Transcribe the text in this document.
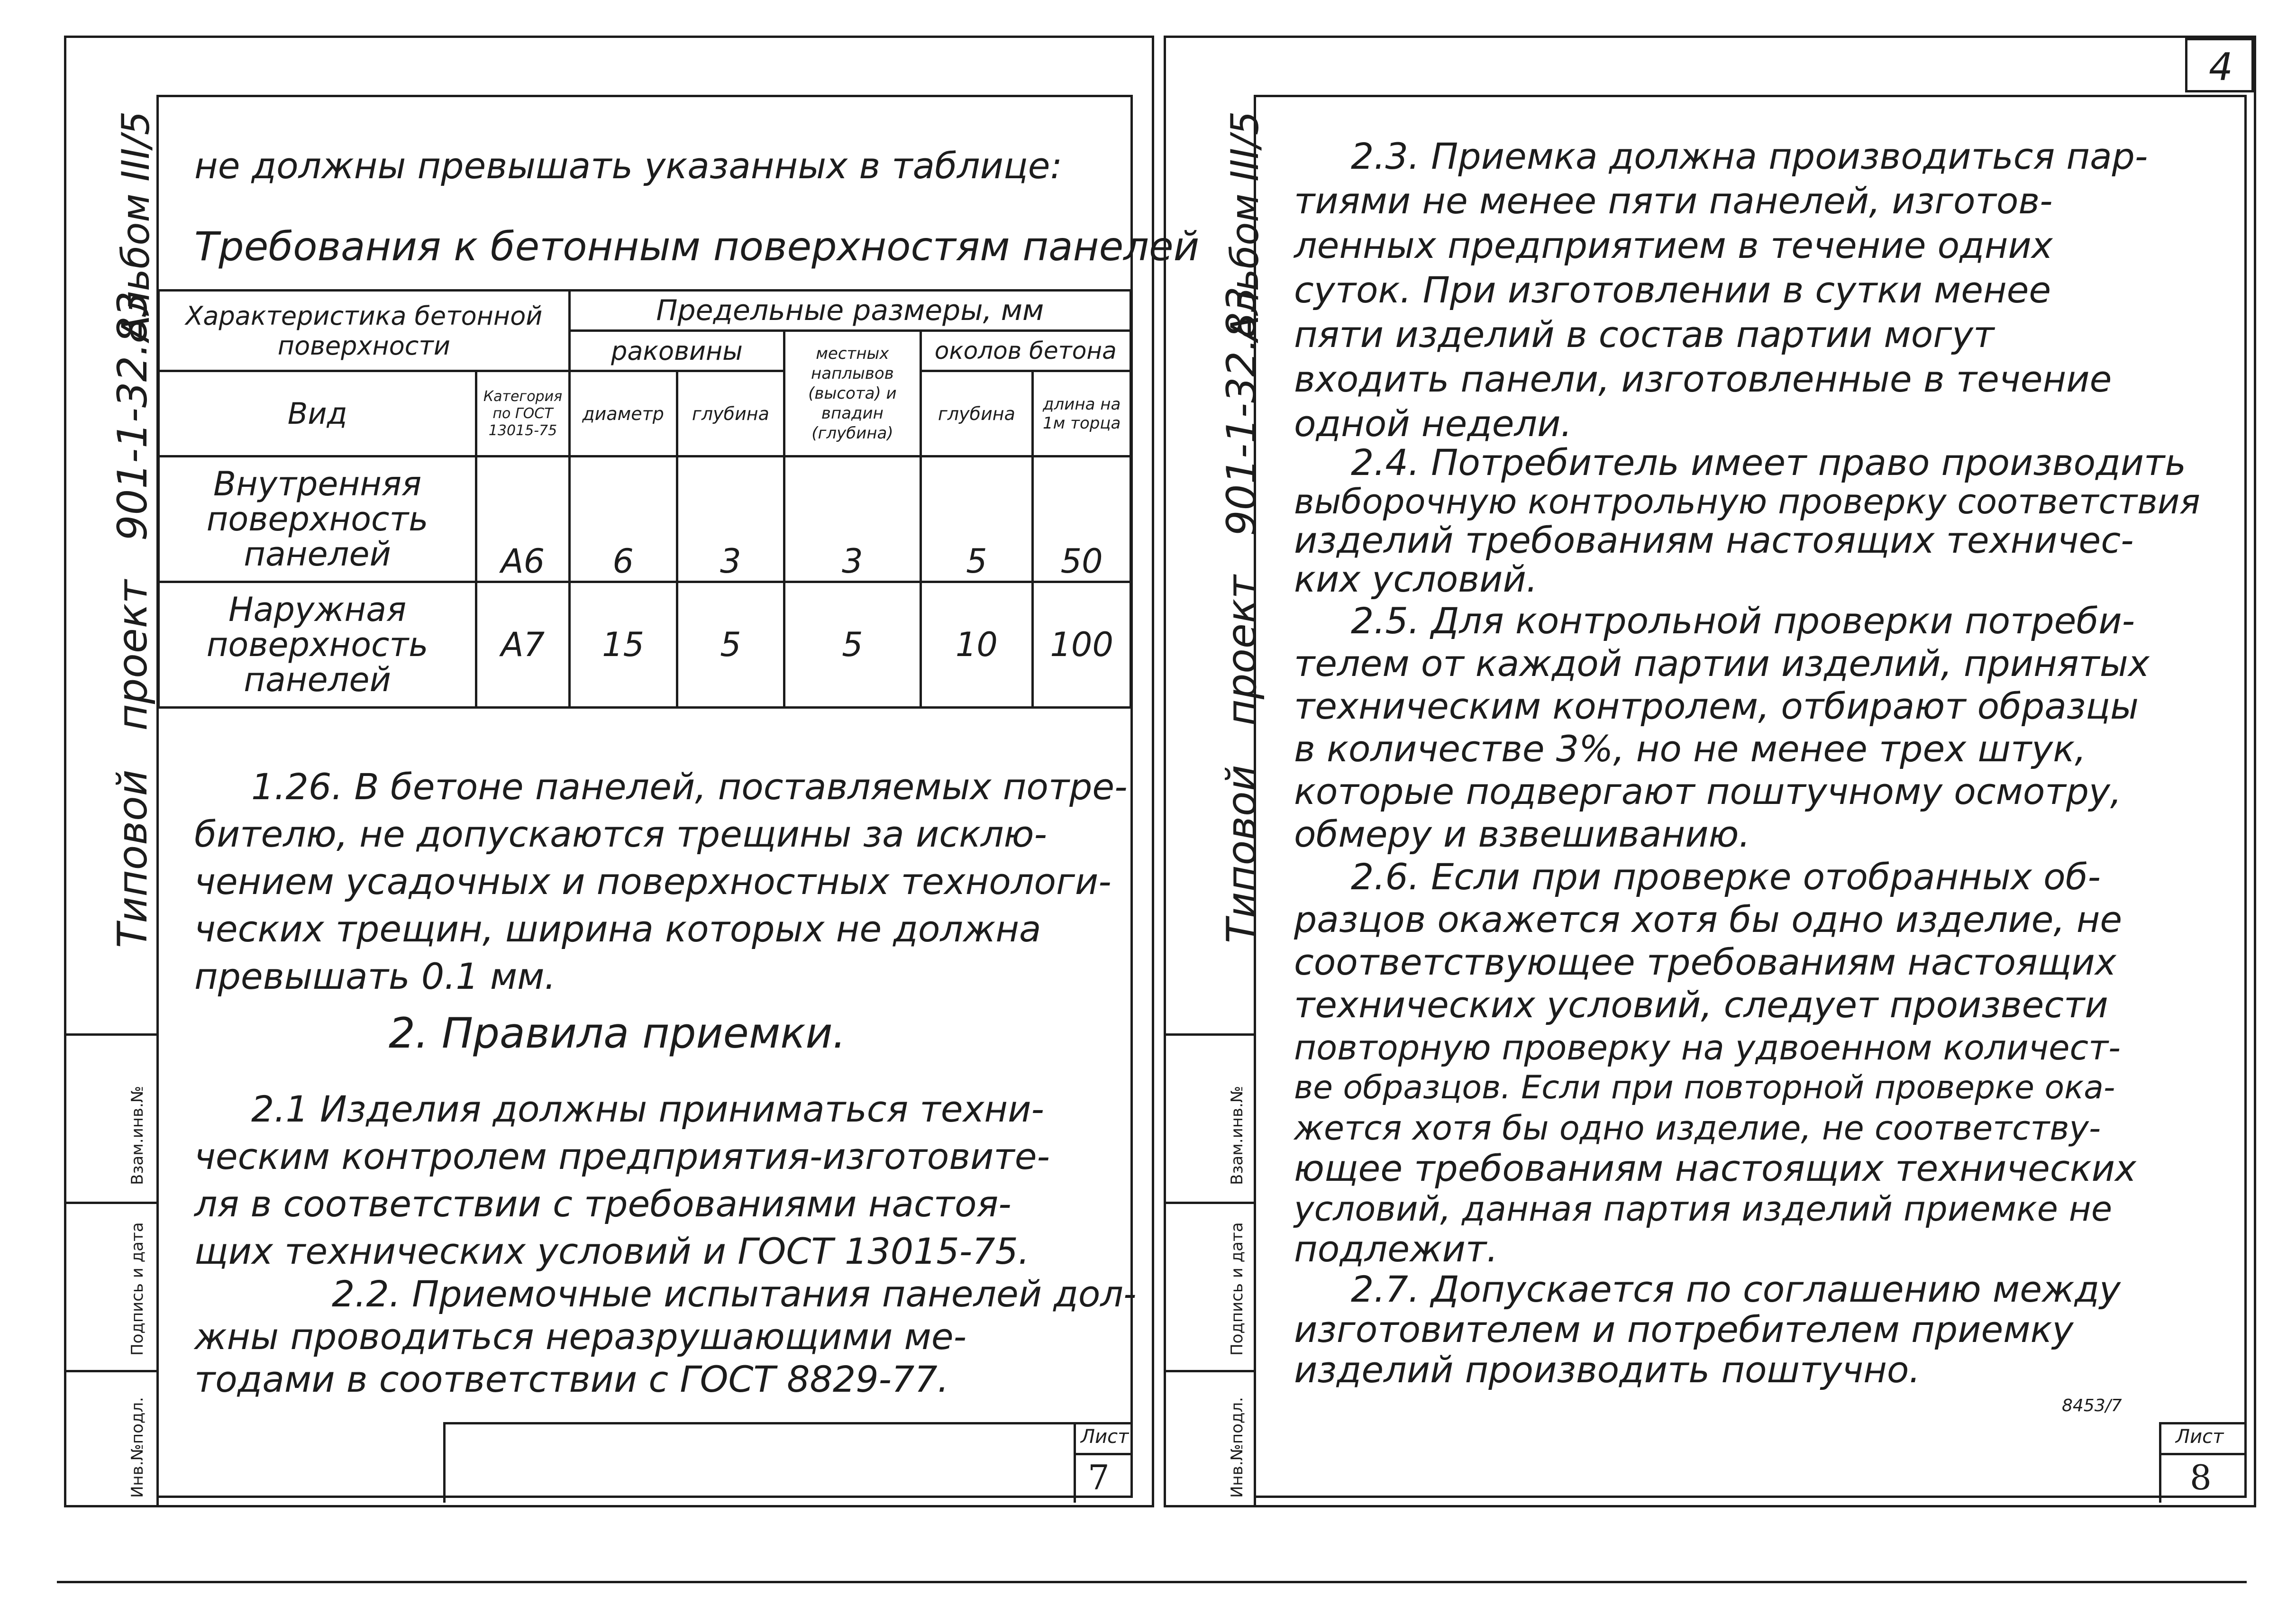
4
Типовой   проект   901-1-32.83
Альбом ІІІ/5
Взам.инв.№
Подпись и дата
Инв.№подл.
не должны превышать указанных в таблице:
Требования к бетонным поверхностям панелей
Характеристика бетонной поверхности		Предельные размеры, мм				
		раковины		местных наплывов (высота) и впадин (глубина)	околов бетона	
Вид	Категория по ГОСТ 13015-75	диаметр	глубина		глубина	длина на 1м торца
Внутренняя
поверхность
панелей	А6	6	3	3	5	50
Наружная
поверхность
панелей	А7	15	5	5	10	100
1.26. В бетоне панелей, поставляемых потре-
бителю, не допускаются трещины за исклю-
чением усадочных и поверхностных технологи-
ческих трещин, ширина которых не должна
превышать 0.1 мм.
2. Правила приемки.
2.1 Изделия должны приниматься техни-
ческим контролем предприятия-изготовите-
ля в соответствии с требованиями настоя-
щих технических условий и ГОСТ 13015-75.
2.2. Приемочные испытания панелей дол-
жны проводиться неразрушающими ме-
тодами в соответствии с ГОСТ 8829-77.
Лист
7
Типовой   проект   901-1-32.83
Альбом ІІІ/5
Взам.инв.№
Подпись и дата
Инв.№подл.
2.3. Приемка должна производиться пар-
тиями не менее пяти панелей, изготов-
ленных предприятием в течение одних
суток. При изготовлении в сутки менее
пяти изделий в состав партии могут
входить панели, изготовленные в течение
одной недели.
2.4. Потребитель имеет право производить
выборочную контрольную проверку соответствия
изделий требованиям настоящих техничес-
ких условий.
2.5. Для контрольной проверки потреби-
телем от каждой партии изделий, принятых
техническим контролем, отбирают образцы
в количестве 3%, но не менее трех штук,
которые подвергают поштучному осмотру,
обмеру и взвешиванию.
2.6. Если при проверке отобранных об-
разцов окажется хотя бы одно изделие, не
соответствующее требованиям настоящих
технических условий, следует произвести
повторную проверку на удвоенном количест-
ве образцов. Если при повторной проверке ока-
жется хотя бы одно изделие, не соответству-
ющее требованиям настоящих технических
условий, данная партия изделий приемке не
подлежит.
2.7. Допускается по соглашению между
изготовителем и потребителем приемку
изделий производить поштучно.
8453/7
Лист
8
